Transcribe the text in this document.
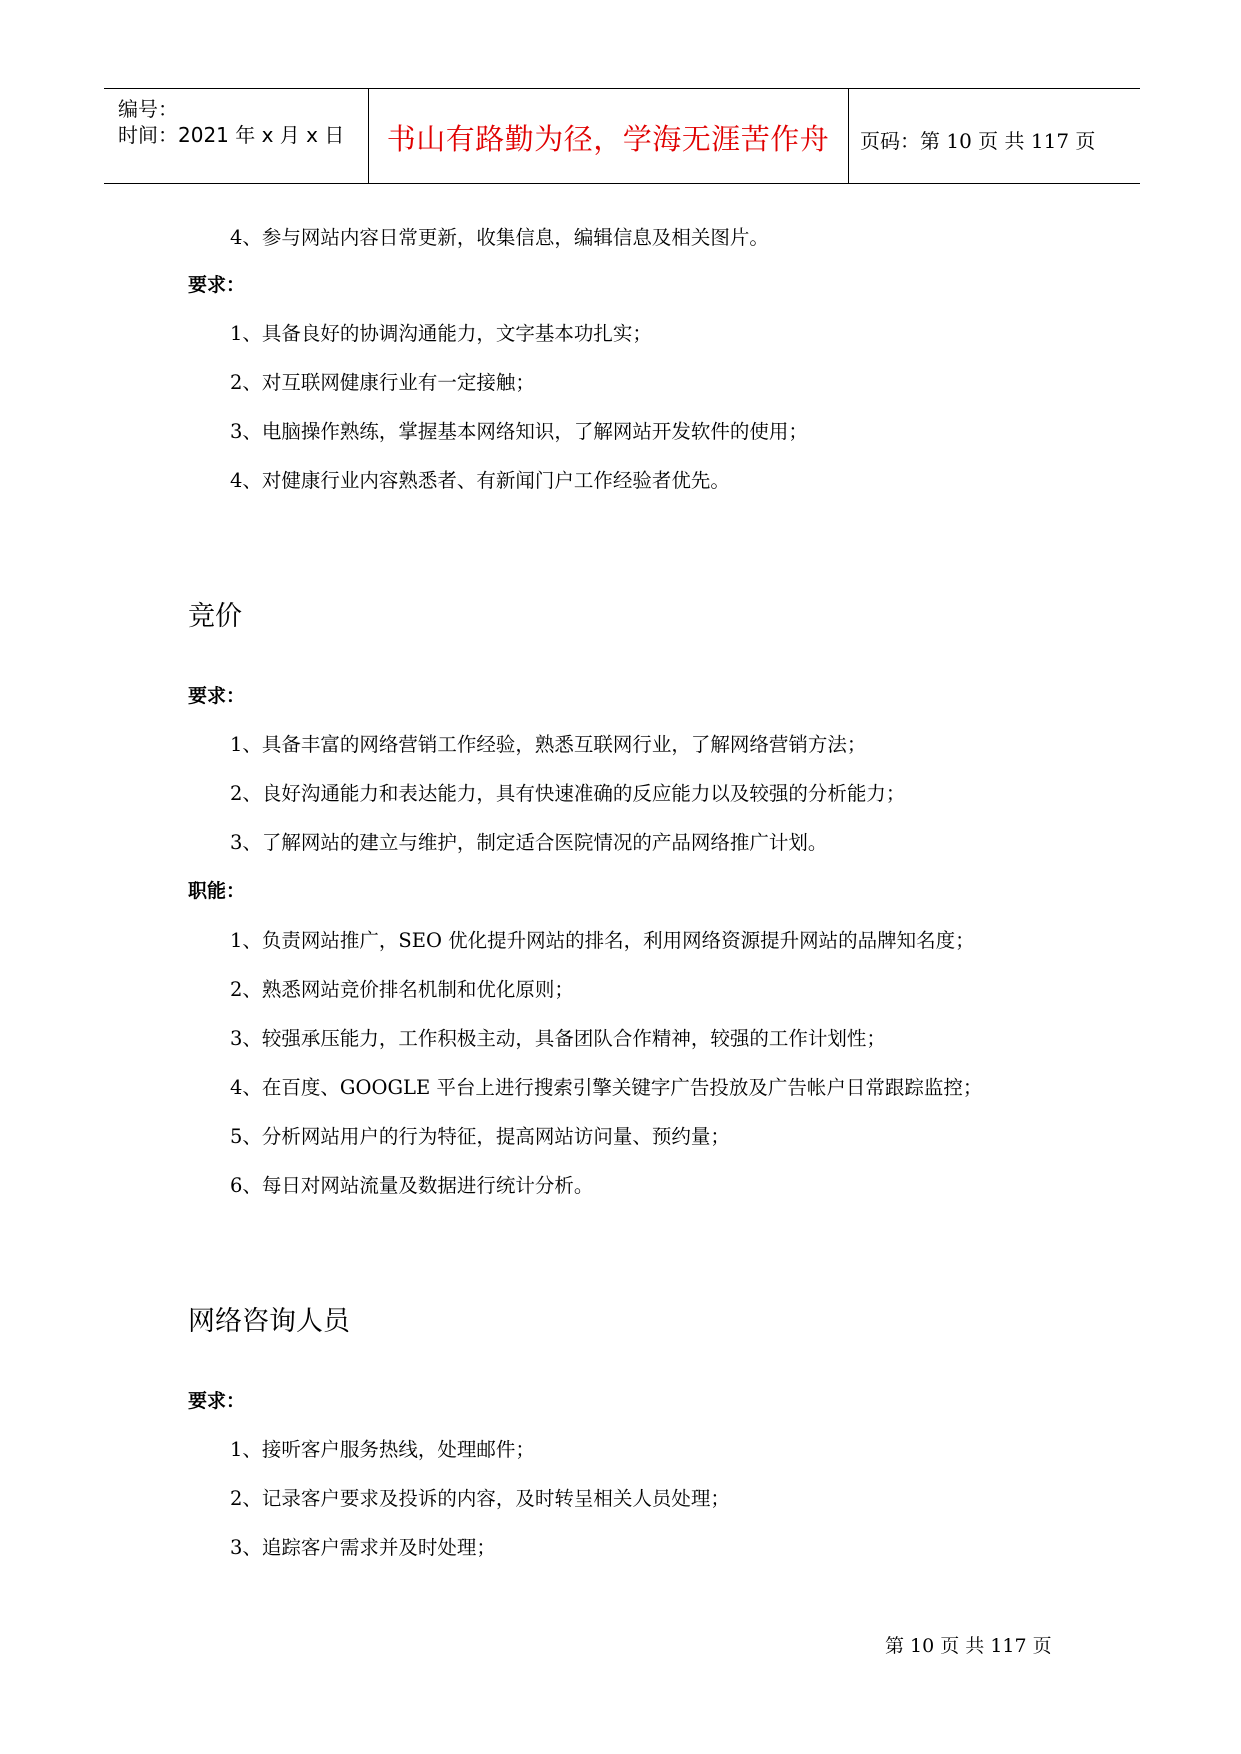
编号：
时间：2021 年 x 月 x 日	书山有路勤为径，学海无涯苦作舟	页码：第 10 页 共 117 页
4、参与网站内容日常更新，收集信息，编辑信息及相关图片。
要求：
1、具备良好的协调沟通能力，文字基本功扎实；
2、对互联网健康行业有一定接触；
3、电脑操作熟练，掌握基本网络知识，了解网站开发软件的使用；
4、对健康行业内容熟悉者、有新闻门户工作经验者优先。
竞价
要求：
1、具备丰富的网络营销工作经验，熟悉互联网行业，了解网络营销方法；
2、良好沟通能力和表达能力，具有快速准确的反应能力以及较强的分析能力；
3、了解网站的建立与维护，制定适合医院情况的产品网络推广计划。
职能：
1、负责网站推广，SEO 优化提升网站的排名，利用网络资源提升网站的品牌知名度；
2、熟悉网站竞价排名机制和优化原则；
3、较强承压能力，工作积极主动，具备团队合作精神，较强的工作计划性；
4、在百度、GOOGLE 平台上进行搜索引擎关键字广告投放及广告帐户日常跟踪监控；
5、分析网站用户的行为特征，提高网站访问量、预约量；
6、每日对网站流量及数据进行统计分析。
网络咨询人员
要求：
1、接听客户服务热线，处理邮件；
2、记录客户要求及投诉的内容，及时转呈相关人员处理；
3、追踪客户需求并及时处理；
第 10 页 共 117 页
